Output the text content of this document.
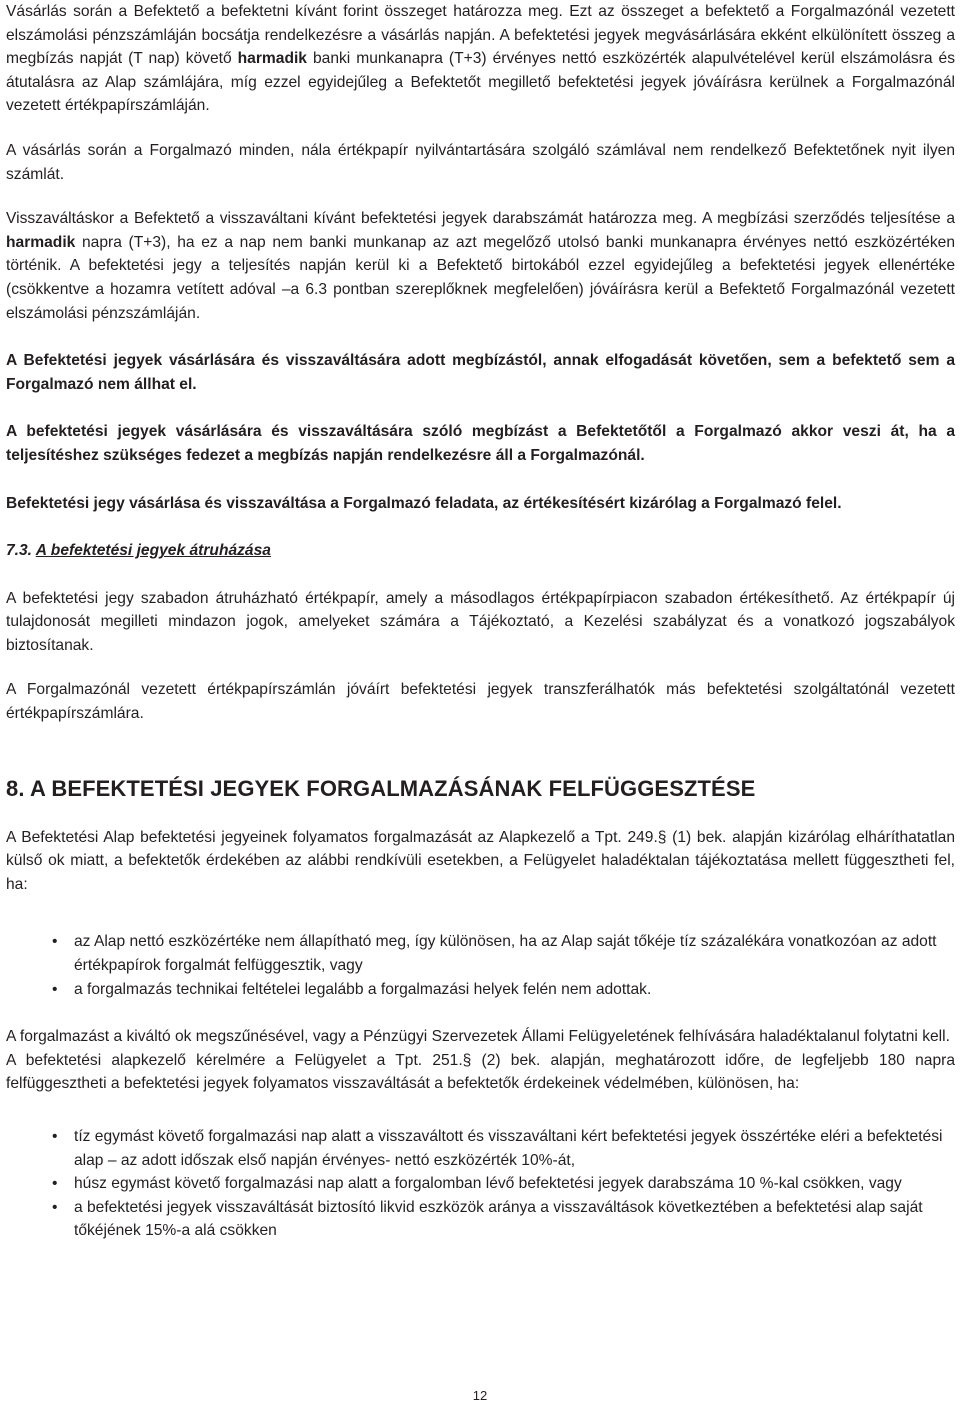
Vásárlás során a Befektető a befektetni kívánt forint összeget határozza meg. Ezt az összeget a befektető a Forgalmazónál vezetett elszámolási pénzszámláján bocsátja rendelkezésre a vásárlás napján. A befektetési jegyek megvásárlására ekként elkülönített összeg a megbízás napját (T nap) követő harmadik banki munkanapra (T+3) érvényes nettó eszközérték alapulvételével kerül elszámolásra és átutalásra az Alap számlájára, míg ezzel egyidejűleg a Befektetőt megillető befektetési jegyek jóváírásra kerülnek a Forgalmazónál vezetett értékpapírszámláján.

A vásárlás során a Forgalmazó minden, nála értékpapír nyilvántartására szolgáló számlával nem rendelkező Befektetőnek nyit ilyen számlát.

Visszaváltáskor a Befektető a visszaváltani kívánt befektetési jegyek darabszámát határozza meg. A megbízási szerződés teljesítése a harmadik napra (T+3), ha ez a nap nem banki munkanap az azt megelőző utolsó banki munkanapra érvényes nettó eszközértéken történik. A befektetési jegy a teljesítés napján kerül ki a Befektető birtokából ezzel egyidejűleg a befektetési jegyek ellenértéke (csökkentve a hozamra vetített adóval –a 6.3 pontban szereplőknek megfelelően) jóváírásra kerül a Befektető Forgalmazónál vezetett elszámolási pénzszámláján.

A Befektetési jegyek vásárlására és visszaváltására adott megbízástól, annak elfogadását követően, sem a befektető sem a Forgalmazó nem állhat el.

A befektetési jegyek vásárlására és visszaváltására szóló megbízást a Befektetőtől a Forgalmazó akkor veszi át, ha a teljesítéshez szükséges fedezet a megbízás napján rendelkezésre áll a Forgalmazónál.

Befektetési jegy vásárlása és visszaváltása a Forgalmazó feladata, az értékesítésért kizárólag a Forgalmazó felel.

7.3. A befektetési jegyek átruházása

A befektetési jegy szabadon átruházható értékpapír, amely a másodlagos értékpapírpiacon szabadon értékesíthető. Az értékpapír új tulajdonosát megilleti mindazon jogok, amelyeket számára a Tájékoztató, a Kezelési szabályzat és a vonatkozó jogszabályok biztosítanak.

A Forgalmazónál vezetett értékpapírszámlán jóváírt befektetési jegyek transzferálhatók más befektetési szolgáltatónál vezetett értékpapírszámlára.

8. A BEFEKTETÉSI JEGYEK FORGALMAZÁSÁNAK FELFÜGGESZTÉSE

A Befektetési Alap befektetési jegyeinek folyamatos forgalmazását az Alapkezelő a Tpt. 249.§ (1) bek. alapján kizárólag elháríthatatlan külső ok miatt, a befektetők érdekében az alábbi rendkívüli esetekben, a Felügyelet haladéktalan tájékoztatása mellett függesztheti fel, ha:

• az Alap nettó eszközértéke nem állapítható meg, így különösen, ha az Alap saját tőkéje tíz százalékára vonatkozóan az adott értékpapírok forgalmát felfüggesztik, vagy
• a forgalmazás technikai feltételei legalább a forgalmazási helyek felén nem adottak.

A forgalmazást a kiváltó ok megszűnésével, vagy a Pénzügyi Szervezetek Állami Felügyeletének felhívására haladéktalanul folytatni kell.

A befektetési alapkezelő kérelmére a Felügyelet a Tpt. 251.§ (2) bek. alapján, meghatározott időre, de legfeljebb 180 napra felfüggesztheti a befektetési jegyek folyamatos visszaváltását a befektetők érdekeinek védelmében, különösen, ha:

• tíz egymást követő forgalmazási nap alatt a visszaváltott és visszaváltani kért befektetési jegyek összértéke eléri a befektetési alap – az adott időszak első napján érvényes- nettó eszközérték 10%-át,
• húsz egymást követő forgalmazási nap alatt a forgalomban lévő befektetési jegyek darabszáma 10 %-kal csökken, vagy
• a befektetési jegyek visszaváltását biztosító likvid eszközök aránya a visszaváltások következtében a befektetési alap saját tőkéjének 15%-a alá csökken
12
